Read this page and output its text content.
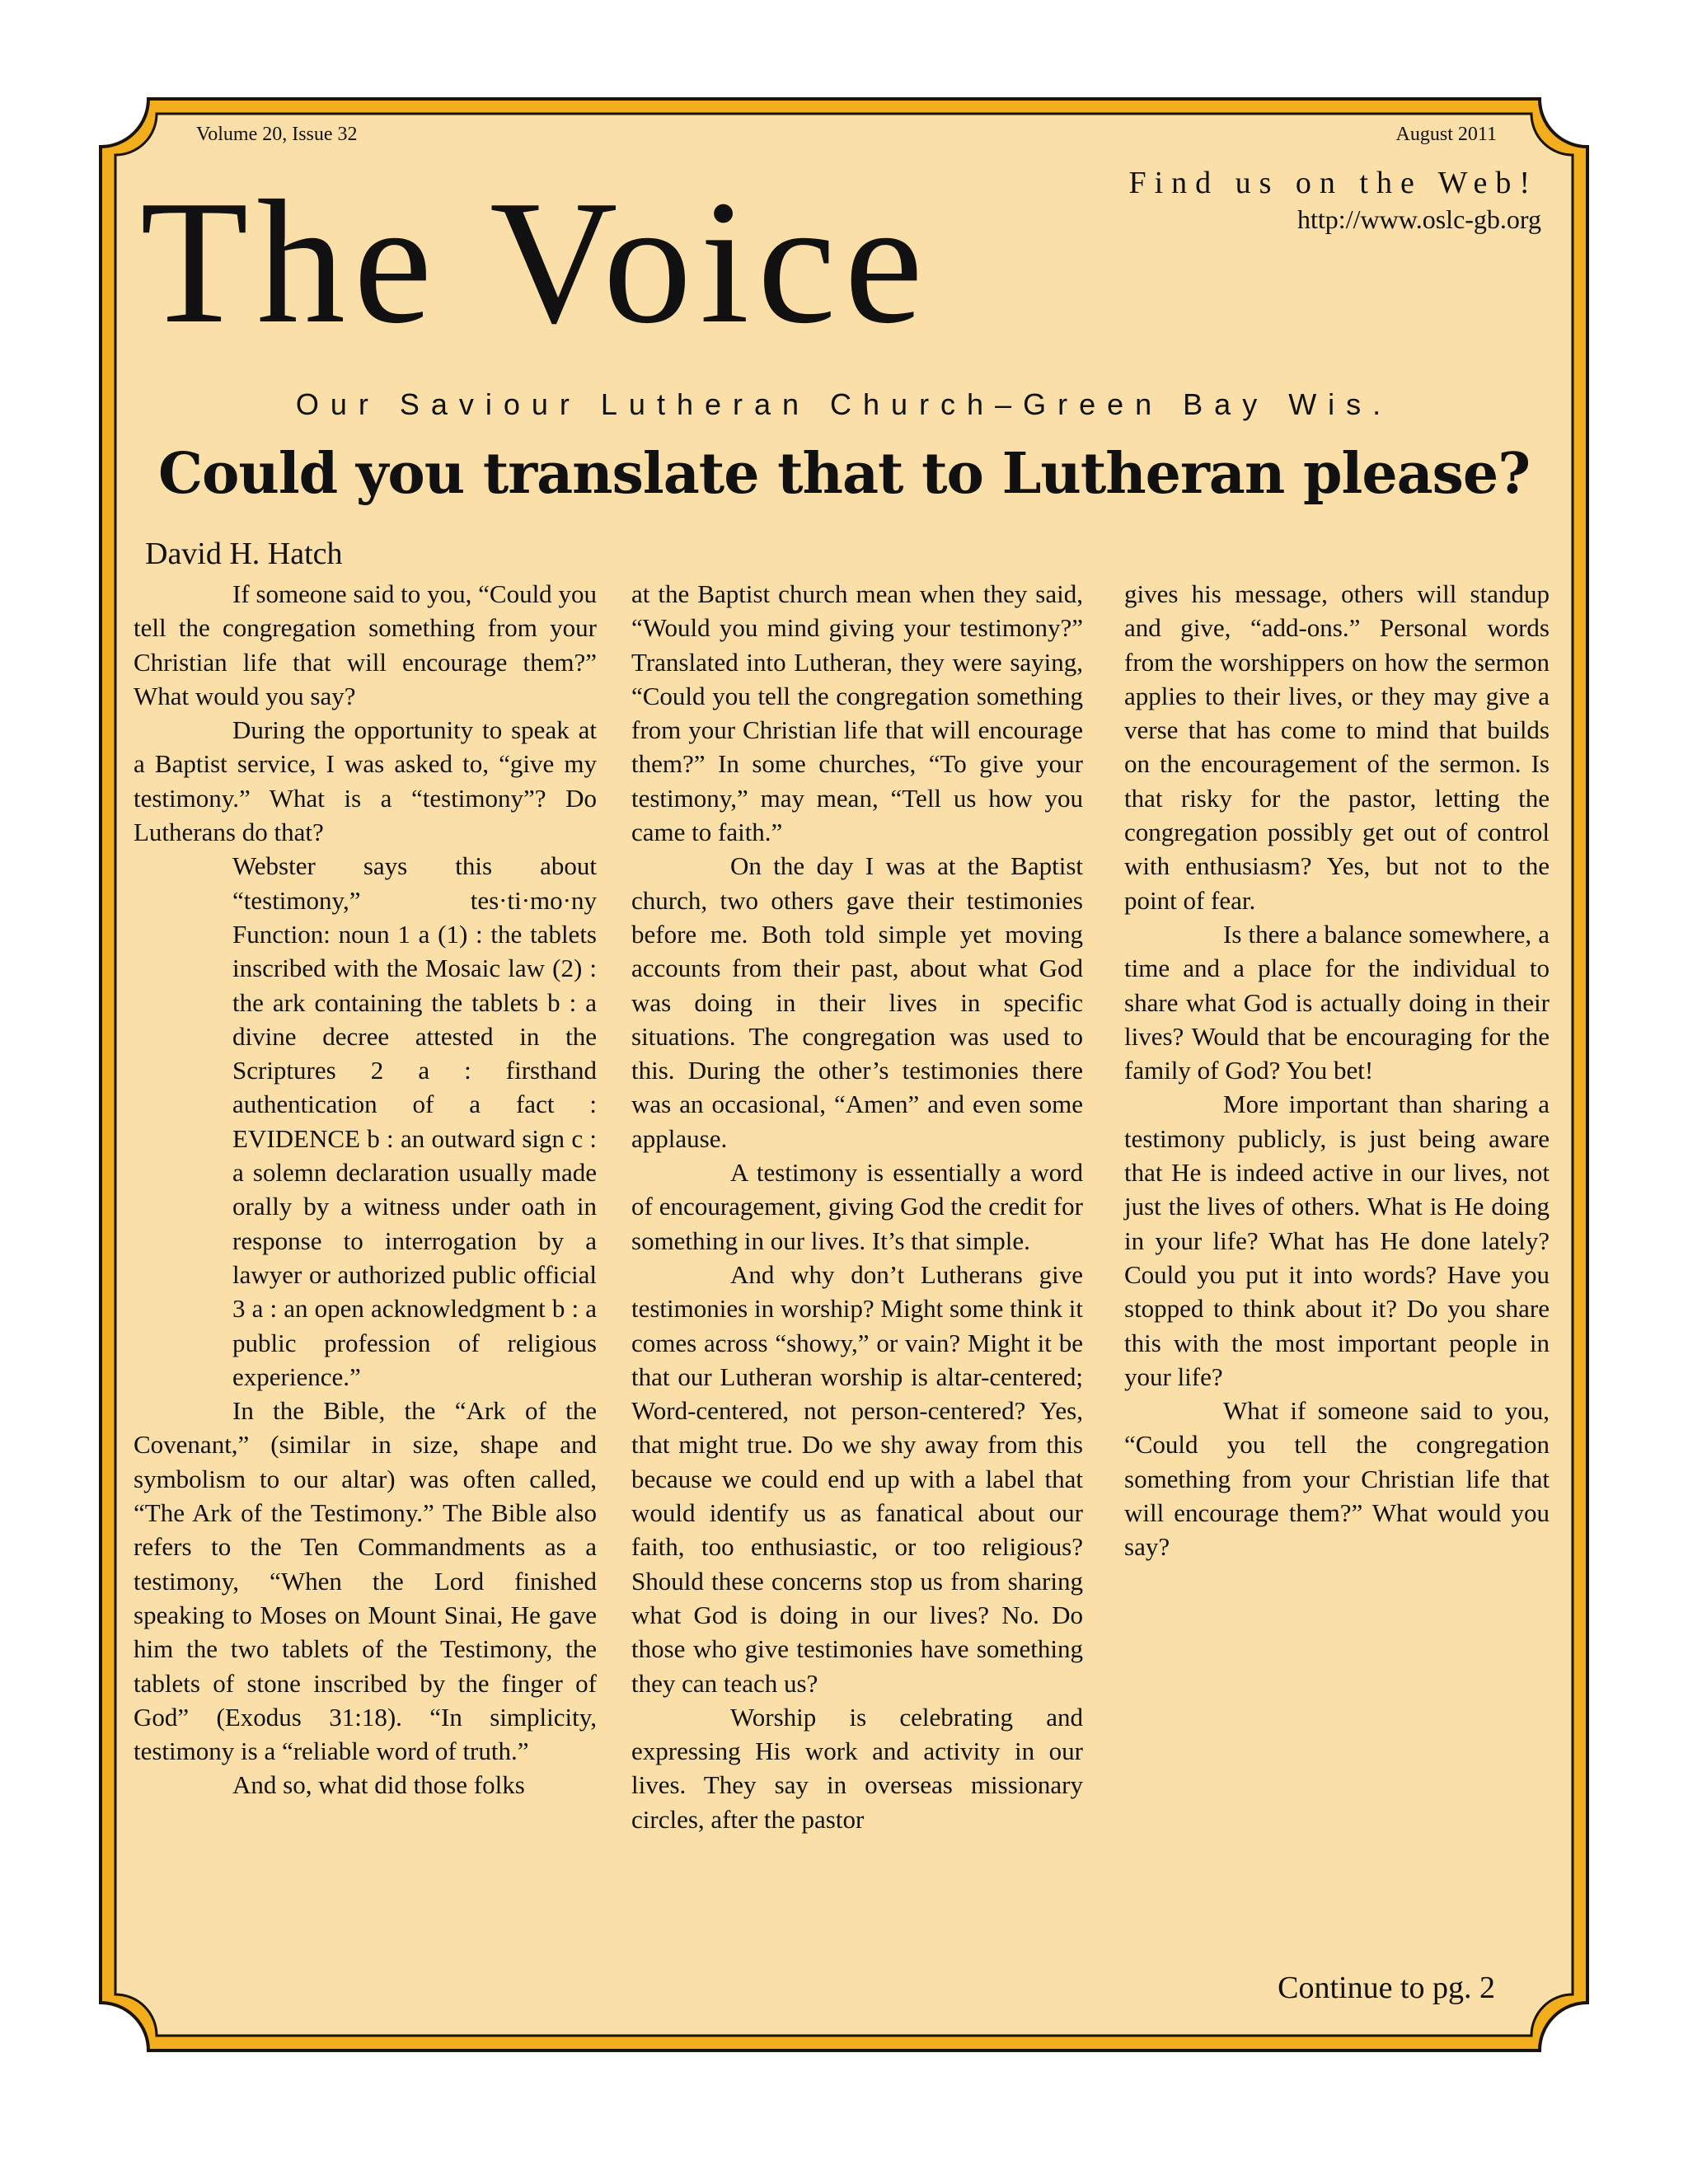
Volume 20, Issue 32	August 2011
Find us on the Web!
http://www.oslc-gb.org
The Voice
Our Saviour Lutheran Church–Green Bay Wis.
Could you translate that to Lutheran please?
David H. Hatch

If someone said to you, “Could you tell the congregation something from your Christian life that will encourage them?” What would you say?

During the opportunity to speak at a Baptist service, I was asked to, “give my testimony.” What is a “testimony”? Do Lutherans do that?

Webster says this about “testimony,” tes·ti·mo·ny Function: noun 1 a (1) : the tablets inscribed with the Mosaic law (2) : the ark containing the tablets b : a divine decree attested in the Scriptures 2 a : firsthand authentication of a fact : EVIDENCE b : an outward sign c : a solemn declaration usually made orally by a witness under oath in response to interrogation by a lawyer or authorized public official 3 a : an open acknowledgment b : a public profession of religious experience.”

In the Bible, the “Ark of the Covenant,” (similar in size, shape and symbolism to our altar) was often called, “The Ark of the Testimony.” The Bible also refers to the Ten Commandments as a testimony, “When the Lord finished speaking to Moses on Mount Sinai, He gave him the two tablets of the Testimony, the tablets of stone inscribed by the finger of God” (Exodus 31:18). “In simplicity, testimony is a “reliable word of truth.”

And so, what did those folks

at the Baptist church mean when they said, “Would you mind giving your testimony?” Translated into Lutheran, they were saying, “Could you tell the congregation something from your Christian life that will encourage them?” In some churches, “To give your testimony,” may mean, “Tell us how you came to faith.”

On the day I was at the Baptist church, two others gave their testimonies before me. Both told simple yet moving accounts from their past, about what God was doing in their lives in specific situations. The congregation was used to this. During the other’s testimonies there was an occasional, “Amen” and even some applause.

A testimony is essentially a word of encouragement, giving God the credit for something in our lives. It’s that simple.

And why don’t Lutherans give testimonies in worship? Might some think it comes across “showy,” or vain? Might it be that our Lutheran worship is altar-centered; Word-centered, not person-centered? Yes, that might true. Do we shy away from this because we could end up with a label that would identify us as fanatical about our faith, too enthusiastic, or too religious? Should these concerns stop us from sharing what God is doing in our lives? No. Do those who give testimonies have something they can teach us?

Worship is celebrating and expressing His work and activity in our lives. They say in overseas missionary circles, after the pastor

gives his message, others will standup and give, “add-ons.” Personal words from the worshippers on how the sermon applies to their lives, or they may give a verse that has come to mind that builds on the encouragement of the sermon. Is that risky for the pastor, letting the congregation possibly get out of control with enthusiasm? Yes, but not to the point of fear.

Is there a balance somewhere, a time and a place for the individual to share what God is actually doing in their lives? Would that be encouraging for the family of God? You bet!

More important than sharing a testimony publicly, is just being aware that He is indeed active in our lives, not just the lives of others. What is He doing in your life? What has He done lately? Could you put it into words? Have you stopped to think about it? Do you share this with the most important people in your life?

What if someone said to you, “Could you tell the congregation something from your Christian life that will encourage them?” What would you say?

Continue to pg. 2
